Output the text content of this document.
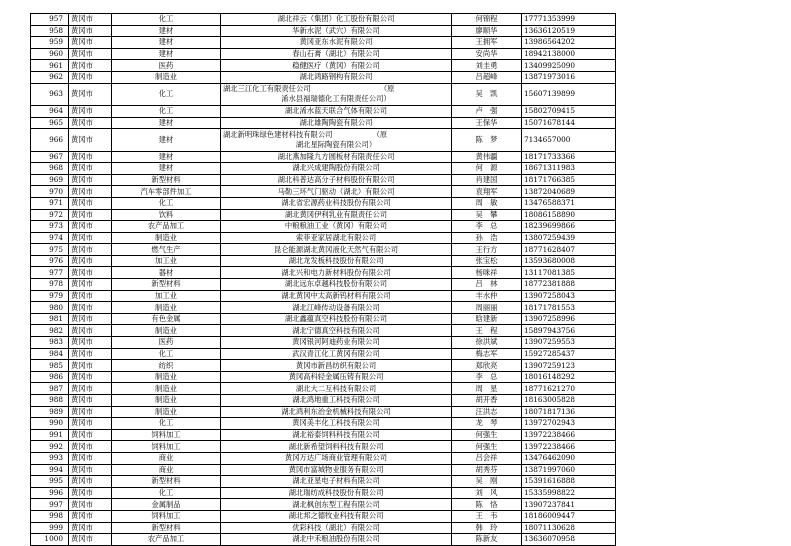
957	黄冈市	化工	湖北祥云（集团）化工股份有限公司	何锦程	17771353999
958	黄冈市	建材	华新水泥（武穴）有限公司	廖顺华	13636120519
959	黄冈市	建材	黄冈亚东水泥有限公司	王拥军	13986564202
960	黄冈市	建材	春山石膏（湖北）有限公司	安尚华	18942138000
961	黄冈市	医药	稳健医疗（黄冈）有限公司	刘圭勇	13409925090
962	黄冈市	制造业	湖北鸿路钢构有限公司	吕超峰	13871973016
963	黄冈市	化工	湖北三江化工有限责任公司　　　　　　　　　　（原
浠水县福瑞德化工有限责任公司）	吴　凯	15607139899
964	黄冈市	化工	湖北浠水蓝天联合气体有限公司	卢　强	15802709415
965	黄冈市	建材	湖北雄陶陶瓷有限公司	王保华	15071678144
966	黄冈市	建材	湖北新明珠绿色建材科技有限公司　　　　　　（原
湖北星际陶瓷有限公司）	陈　梦	7134657000
967	黄冈市	建材	湖北燕加隆九方圆板材有限责任公司	黄伟疆	18171733366
968	黄冈市	建材	湖北兴成建陶股份有限公司	何　源	18671311983
969	黄冈市	新型材料	湖北科普达高分子材料股份有限公司	肖建国	18171766385
970	黄冈市	汽车零部件加工	马勒三环气门驱动（湖北）有限公司	袁翔军	13872040689
971	黄冈市	化工	湖北省宏源药业科技股份有限公司	周　敏	13476588371
972	黄冈市	饮料	湖北黄冈伊利乳业有限责任公司	吴　攀	18086158890
973	黄冈市	农产品加工	中粮粮油工业（黄冈）有限公司	李　总	18239699866
974	黄冈市	制造业	索菲亚家居湖北有限公司	孙　浩	13807259439
975	黄冈市	燃气生产	昆仑能源湖北黄冈液化天然气有限公司	王行方	18771628407
976	黄冈市	加工业	湖北龙发板科技股份有限公司	张宝松	13593680008
977	黄冈市	器材	湖北兴和电力新材料股份有限公司	杨咪祥	13117081385
978	黄冈市	新型材料	湖北远东卓越科技股份有限公司	吕　林	18772381888
979	黄冈市	加工业	湖北黄冈中太高新钨材料有限公司	丰水仲	13907258043
980	黄冈市	制造业	湖北江峰传动设备有限公司	周丽丽	18171781553
981	黄冈市	有色金属	湖北鑫蕴真空科技股份有限公司	晗建新	13907258996
982	黄冈市	制造业	湖北宁德真空科技有限公司	王　程	15897943756
983	黄冈市	医药	黄冈银河阿迪药业有限公司	徐洪斌	13907259553
984	黄冈市	化工	武汉青江化工黄冈有限公司	梅志军	15927285437
985	黄冈市	纺织	黄冈市新昌纺织有限公司	郑欣亮	13907259123
986	黄冈市	制造业	黄冈高科轻金属压铸有限公司	李　总	18016148292
987	黄冈市	制造业	湖北大二互科技有限公司	周　星	18771621270
988	黄冈市	制造业	湖北鸿地重工科技有限公司	胡开香	18163005828
989	黄冈市	制造业	湖北鸿利东治金机械科技有限公司	汪洪志	18071817136
990	黄冈市	化工	黄冈美丰化工科技有限公司	龙　琴	13972702943
991	黄冈市	饲料加工	湖北裕泰饲料科技有限公司	何强生	13972238466
992	黄冈市	饲料加工	湖北新希望饲料科技有限公司	何强生	13972238466
993	黄冈市	商业	黄冈万达广场商业管理有限公司	吕会祥	13476462090
994	黄冈市	商业	黄冈市富城物业服务有限公司	胡秀芬	13871997060
995	黄冈市	新型材料	湖北亚星电子材料有限公司	吴　刚	15391616888
996	黄冈市	化工	湖北瑞纺成科技股份有限公司	刘　风	15335998822
997	黄冈市	金属制品	湖北枫创东型工程有限公司	陈　恪	13907237841
998	黄冈市	饲料加工	湖北邦之德牧业科技有限公司	王　韦	18186009447
999	黄冈市	新型材料	优彩科技（湖北）有限公司	韩　玲	18071130628
1000	黄冈市	农产品加工	湖北中禾粮油股份有限公司	陈新友	13636070958
